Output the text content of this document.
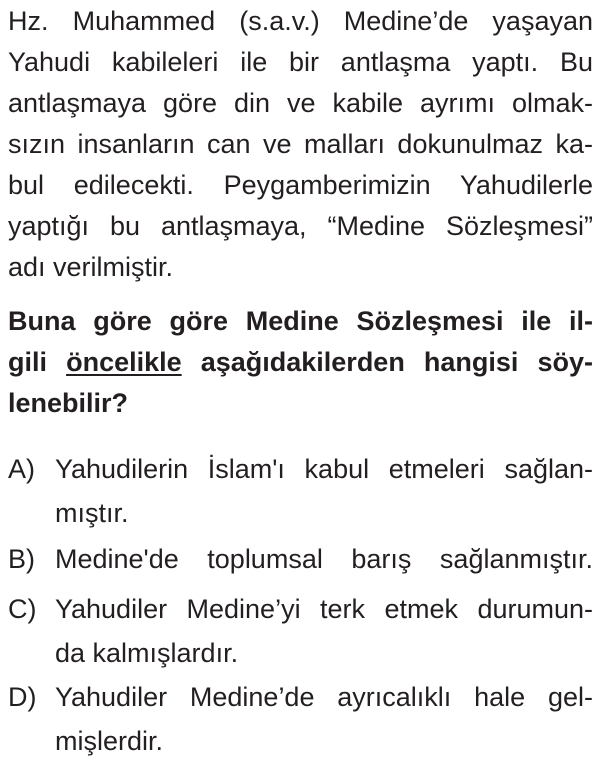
Hz. Muhammed (s.a.v.) Medine’de yaşayan
Yahudi kabileleri ile bir antlaşma yaptı. Bu
antlaşmaya göre din ve kabile ayrımı olmak-
sızın insanların can ve malları dokunulmaz ka-
bul edilecekti. Peygamberimizin Yahudilerle
yaptığı bu antlaşmaya, “Medine Sözleşmesi”
adı verilmiştir.
Buna göre göre Medine Sözleşmesi ile il-
gili öncelikle aşağıdakilerden hangisi söy-
lenebilir?
A) Yahudilerin İslam'ı kabul etmeleri sağlan-
mıştır.
B) Medine'de toplumsal barış sağlanmıştır.
C) Yahudiler Medine’yi terk etmek durumun-
da kalmışlardır.
D) Yahudiler Medine’de ayrıcalıklı hale gel-
mişlerdir.
